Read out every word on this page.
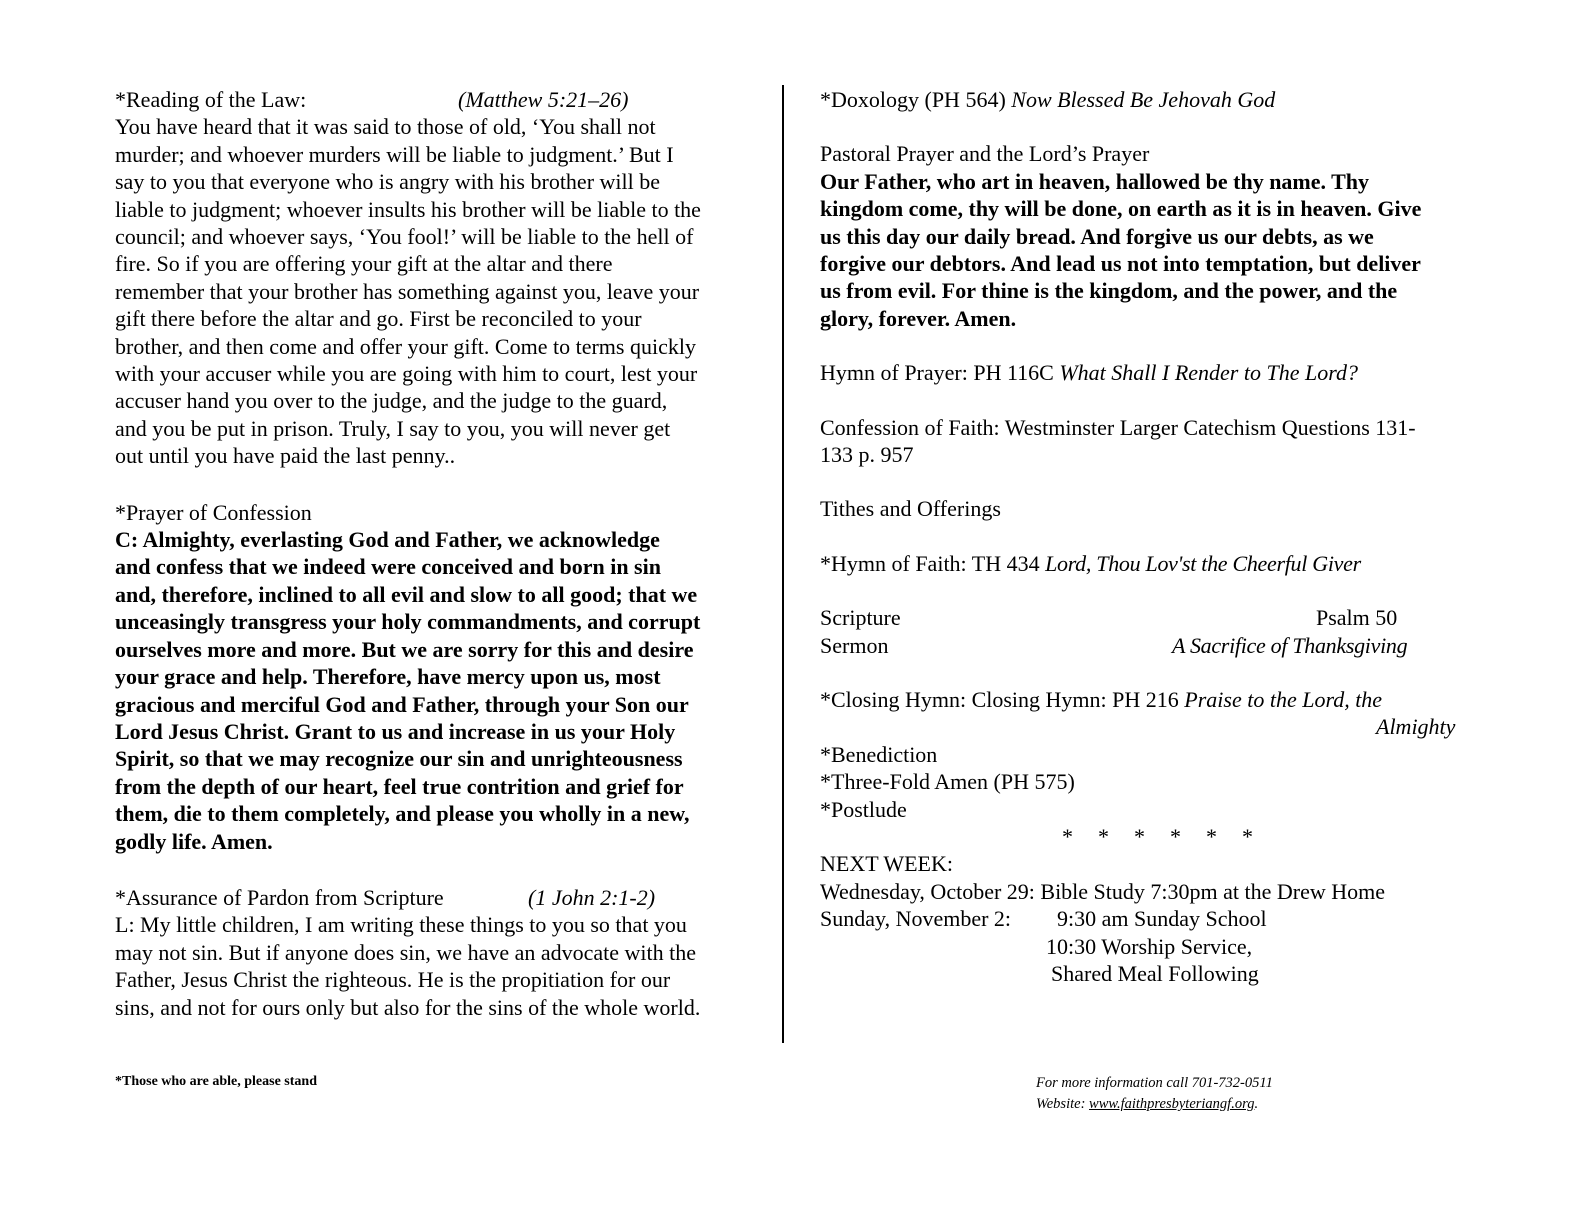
*Reading of the Law:	(Matthew 5:21–26)

You have heard that it was said to those of old, ‘You shall not

murder; and whoever murders will be liable to judgment.’ But I

say to you that everyone who is angry with his brother will be

liable to judgment; whoever insults his brother will be liable to the

council; and whoever says, ‘You fool!’ will be liable to the hell of

fire. So if you are offering your gift at the altar and there

remember that your brother has something against you, leave your

gift there before the altar and go. First be reconciled to your

brother, and then come and offer your gift. Come to terms quickly

with your accuser while you are going with him to court, lest your

accuser hand you over to the judge, and the judge to the guard,

and you be put in prison. Truly, I say to you, you will never get

out until you have paid the last penny..

*Prayer of Confession

C: Almighty, everlasting God and Father, we acknowledge

and confess that we indeed were conceived and born in sin

and, therefore, inclined to all evil and slow to all good; that we

unceasingly transgress your holy commandments, and corrupt

ourselves more and more. But we are sorry for this and desire

your grace and help. Therefore, have mercy upon us, most

gracious and merciful God and Father, through your Son our

Lord Jesus Christ. Grant to us and increase in us your Holy

Spirit, so that we may recognize our sin and unrighteousness

from the depth of our heart, feel true contrition and grief for

them, die to them completely, and please you wholly in a new,

godly life. Amen.

*Assurance of Pardon from Scripture	(1 John 2:1-2)

L: My little children, I am writing these things to you so that you

may not sin. But if anyone does sin, we have an advocate with the

Father, Jesus Christ the righteous. He is the propitiation for our

sins, and not for ours only but also for the sins of the whole world.

*Doxology (PH 564) Now Blessed Be Jehovah God

Pastoral Prayer and the Lord’s Prayer

Our Father, who art in heaven, hallowed be thy name. Thy

kingdom come, thy will be done, on earth as it is in heaven. Give

us this day our daily bread. And forgive us our debts, as we

forgive our debtors. And lead us not into temptation, but deliver

us from evil. For thine is the kingdom, and the power, and the

glory, forever. Amen.

Hymn of Prayer: PH 116C What Shall I Render to The Lord?

Confession of Faith: Westminster Larger Catechism Questions 131-

133 p. 957

Tithes and Offerings

*Hymn of Faith: TH 434 Lord, Thou Lov'st the Cheerful Giver

Scripture	Psalm 50
Sermon	A Sacrifice of Thanksgiving

*Closing Hymn: Closing Hymn: PH 216 Praise to the Lord, the

Almighty

*Benediction

*Three-Fold Amen (PH 575)

*Postlude

* * * * * *

NEXT WEEK:

Wednesday, October 29: Bible Study 7:30pm at the Drew Home

Sunday, November 2: 9:30 am Sunday School
10:30 Worship Service,
Shared Meal Following
*Those who are able, please stand	For more information call 701-732-0511
Website: www.faithpresbyteriangf.org.
